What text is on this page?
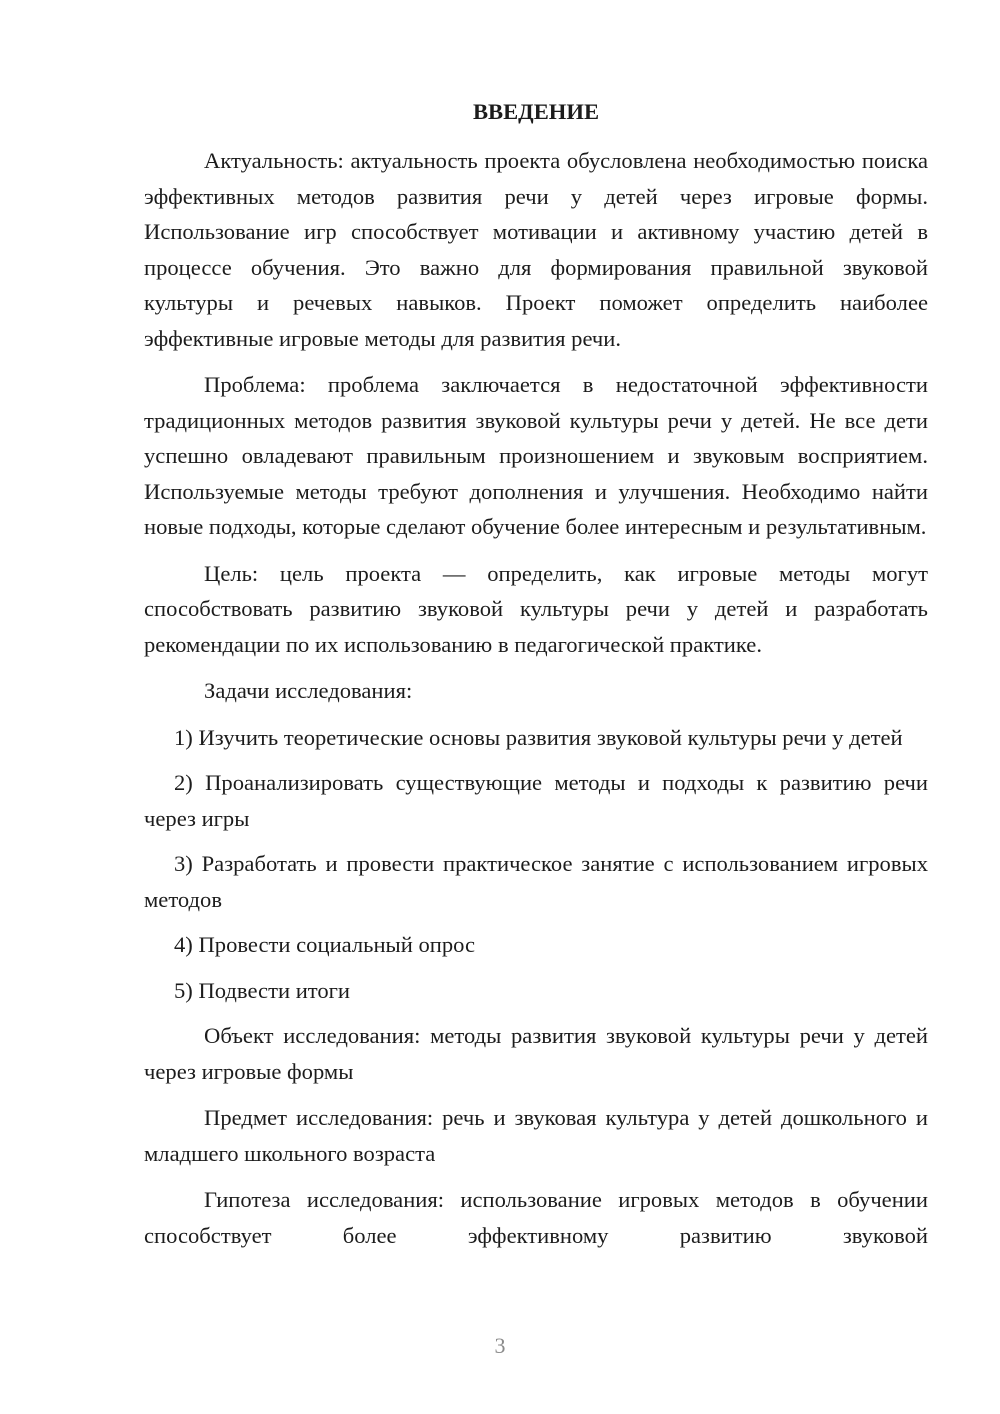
ВВЕДЕНИЕ

Актуальность: актуальность проекта обусловлена необходимостью поиска эффективных методов развития речи у детей через игровые формы. Использование игр способствует мотивации и активному участию детей в процессе обучения. Это важно для формирования правильной звуковой культуры и речевых навыков. Проект поможет определить наиболее эффективные игровые методы для развития речи.

Проблема: проблема заключается в недостаточной эффективности традиционных методов развития звуковой культуры речи у детей. Не все дети успешно овладевают правильным произношением и звуковым восприятием. Используемые методы требуют дополнения и улучшения. Необходимо найти новые подходы, которые сделают обучение более интересным и результативным.

Цель: цель проекта — определить, как игровые методы могут способствовать развитию звуковой культуры речи у детей и разработать рекомендации по их использованию в педагогической практике.

Задачи исследования:

1) Изучить теоретические основы развития звуковой культуры речи у детей

2) Проанализировать существующие методы и подходы к развитию речи через игры

3) Разработать и провести практическое занятие с использованием игровых методов

4) Провести социальный опрос

5) Подвести итоги

Объект исследования: методы развития звуковой культуры речи у детей через игровые формы

Предмет исследования: речь и звуковая культура у детей дошкольного и младшего школьного возраста

Гипотеза исследования: использование игровых методов в обучении способствует более эффективному развитию звуковой

3
